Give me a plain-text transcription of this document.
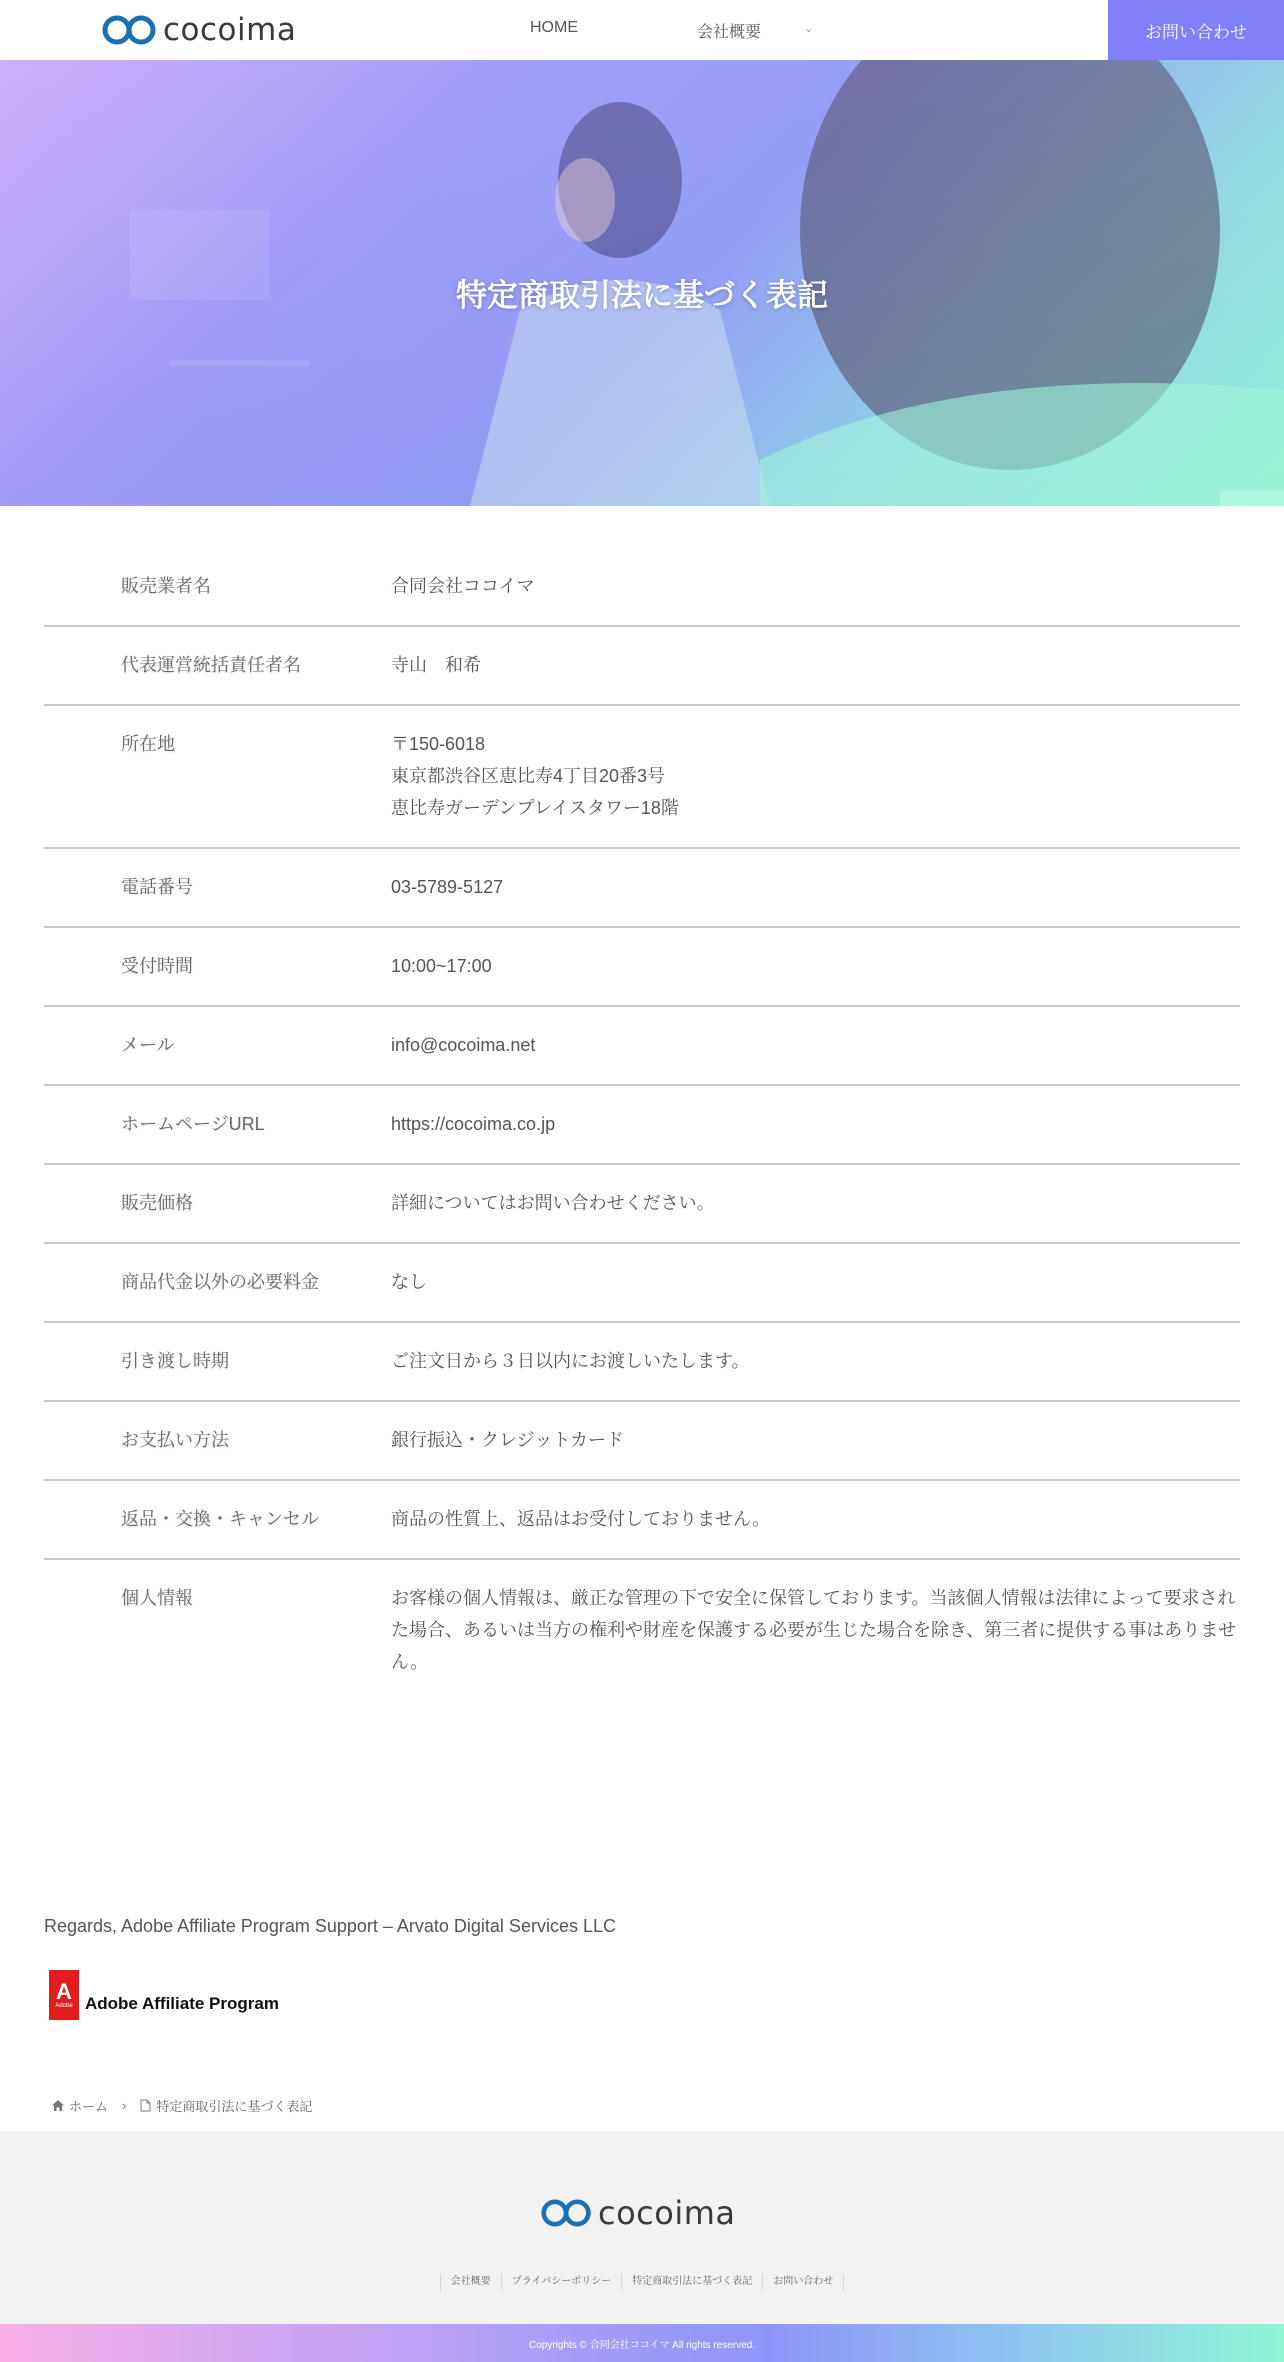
cocoima	HOME	会社概要	⌄	お問い合わせ
特定商取引法に基づく表記
販売業者名	合同会社ココイマ
代表運営統括責任者名	寺山　和希
所在地	〒150-6018
東京都渋谷区恵比寿4丁目20番3号
恵比寿ガーデンプレイスタワー18階
電話番号	03-5789-5127
受付時間	10:00~17:00
メール	info@cocoima.net
ホームページURL	https://cocoima.co.jp
販売価格	詳細についてはお問い合わせください。
商品代金以外の必要料金	なし
引き渡し時期	ご注文日から３日以内にお渡しいたします。
お支払い方法	銀行振込・クレジットカード
返品・交換・キャンセル	商品の性質上、返品はお受付しておりません。
個人情報	お客様の個人情報は、厳正な管理の下で安全に保管しております。当該個人情報は法律によって要求された場合、あるいは当方の権利や財産を保護する必要が生じた場合を除き、第三者に提供する事はありません。
Regards, Adobe Affiliate Program Support – Arvato Digital Services LLC
A
Adobe Adobe Affiliate Program
ホーム › 特定商取引法に基づく表記
cocoima
会社概要	プライバシーポリシー	特定商取引法に基づく表記	お問い合わせ
Copyrights © 合同会社ココイマ All rights reserved.
